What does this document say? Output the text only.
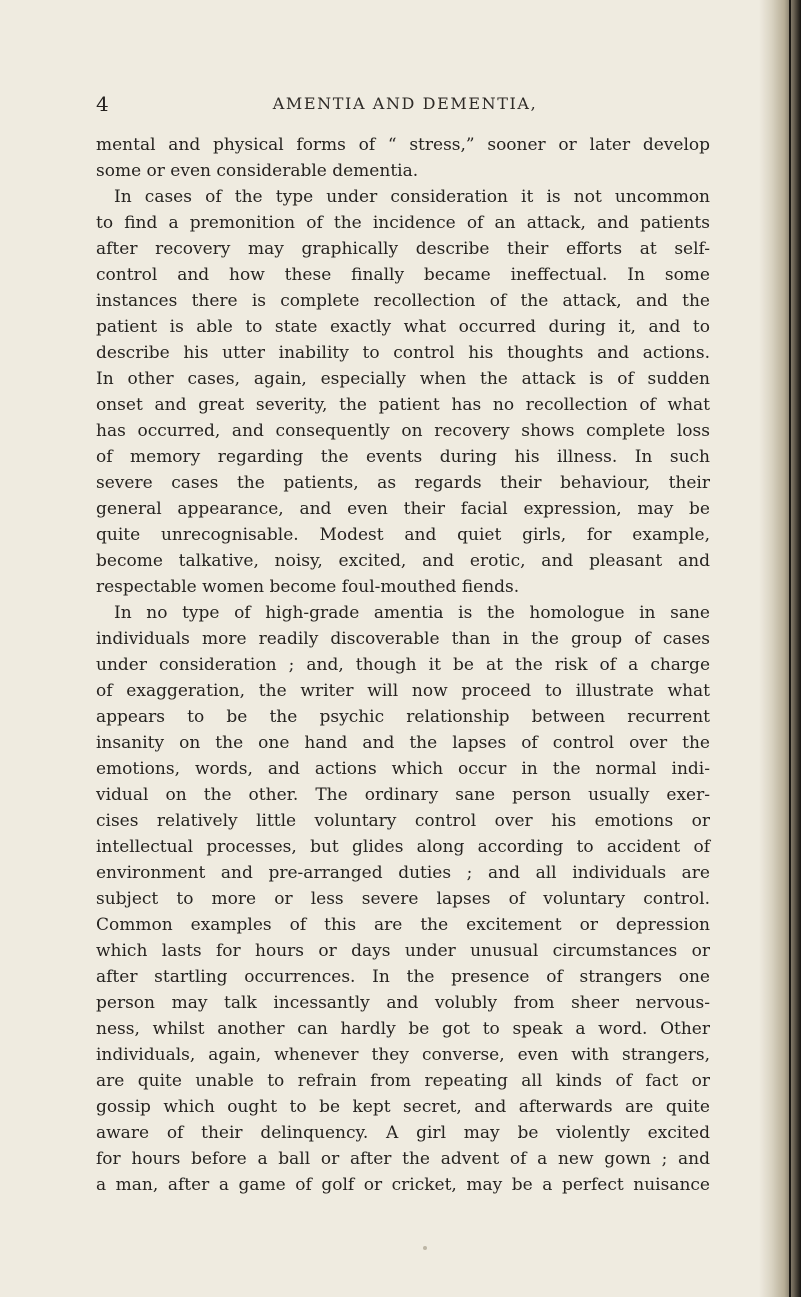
4	AMENTIA AND DEMENTIA,
mental and physical forms of “ stress,” sooner or later develop
some or even considerable dementia.
In cases of the type under consideration it is not uncommon
to find a premonition of the incidence of an attack, and patients
after recovery may graphically describe their efforts at self-
control and how these finally became ineffectual. In some
instances there is complete recollection of the attack, and the
patient is able to state exactly what occurred during it, and to
describe his utter inability to control his thoughts and actions.
In other cases, again, especially when the attack is of sudden
onset and great severity, the patient has no recollection of what
has occurred, and consequently on recovery shows complete loss
of memory regarding the events during his illness. In such
severe cases the patients, as regards their behaviour, their
general appearance, and even their facial expression, may be
quite unrecognisable. Modest and quiet girls, for example,
become talkative, noisy, excited, and erotic, and pleasant and
respectable women become foul-mouthed fiends.
In no type of high-grade amentia is the homologue in sane
individuals more readily discoverable than in the group of cases
under consideration ; and, though it be at the risk of a charge
of exaggeration, the writer will now proceed to illustrate what
appears to be the psychic relationship between recurrent
insanity on the one hand and the lapses of control over the
emotions, words, and actions which occur in the normal indi-
vidual on the other. The ordinary sane person usually exer-
cises relatively little voluntary control over his emotions or
intellectual processes, but glides along according to accident of
environment and pre-arranged duties ; and all individuals are
subject to more or less severe lapses of voluntary control.
Common examples of this are the excitement or depression
which lasts for hours or days under unusual circumstances or
after startling occurrences. In the presence of strangers one
person may talk incessantly and volubly from sheer nervous-
ness, whilst another can hardly be got to speak a word. Other
individuals, again, whenever they converse, even with strangers,
are quite unable to refrain from repeating all kinds of fact or
gossip which ought to be kept secret, and afterwards are quite
aware of their delinquency. A girl may be violently excited
for hours before a ball or after the advent of a new gown ; and
a man, after a game of golf or cricket, may be a perfect nuisance
